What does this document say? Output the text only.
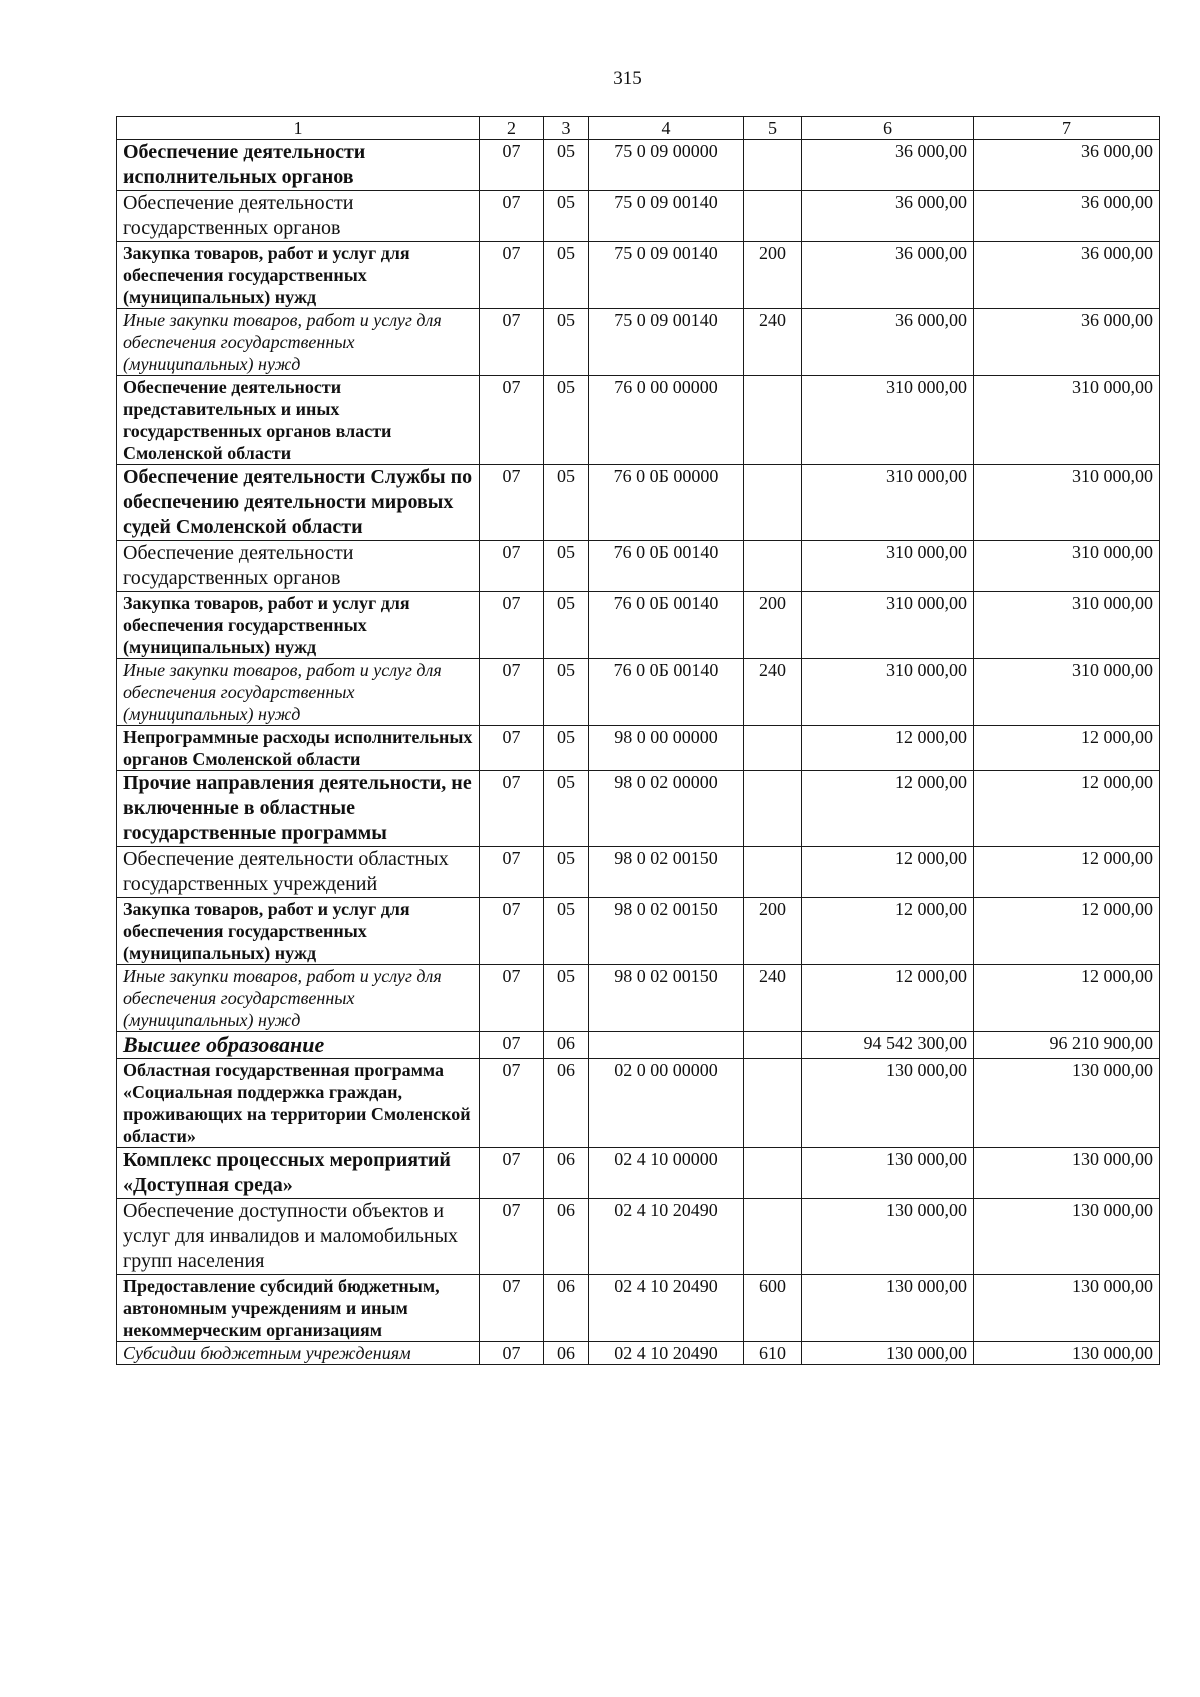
315
1	2	3	4	5	6	7
Обеспечение деятельности исполнительных органов	07	05	75 0 09 00000		36 000,00	36 000,00
Обеспечение деятельности государственных органов	07	05	75 0 09 00140		36 000,00	36 000,00
Закупка товаров, работ и услуг для обеспечения государственных (муниципальных) нужд	07	05	75 0 09 00140	200	36 000,00	36 000,00
Иные закупки товаров, работ и услуг для обеспечения государственных (муниципальных) нужд	07	05	75 0 09 00140	240	36 000,00	36 000,00
Обеспечение деятельности представительных и иных государственных органов власти Смоленской области	07	05	76 0 00 00000		310 000,00	310 000,00
Обеспечение деятельности Службы по обеспечению деятельности мировых судей Смоленской области	07	05	76 0 0Б 00000		310 000,00	310 000,00
Обеспечение деятельности государственных органов	07	05	76 0 0Б 00140		310 000,00	310 000,00
Закупка товаров, работ и услуг для обеспечения государственных (муниципальных) нужд	07	05	76 0 0Б 00140	200	310 000,00	310 000,00
Иные закупки товаров, работ и услуг для обеспечения государственных (муниципальных) нужд	07	05	76 0 0Б 00140	240	310 000,00	310 000,00
Непрограммные расходы исполнительных органов Смоленской области	07	05	98 0 00 00000		12 000,00	12 000,00
Прочие направления деятельности, не включенные в областные государственные программы	07	05	98 0 02 00000		12 000,00	12 000,00
Обеспечение деятельности областных государственных учреждений	07	05	98 0 02 00150		12 000,00	12 000,00
Закупка товаров, работ и услуг для обеспечения государственных (муниципальных) нужд	07	05	98 0 02 00150	200	12 000,00	12 000,00
Иные закупки товаров, работ и услуг для обеспечения государственных (муниципальных) нужд	07	05	98 0 02 00150	240	12 000,00	12 000,00
Высшее образование	07	06			94 542 300,00	96 210 900,00
Областная государственная программа «Социальная поддержка граждан, проживающих на территории Смоленской области»	07	06	02 0 00 00000		130 000,00	130 000,00
Комплекс процессных мероприятий «Доступная среда»	07	06	02 4 10 00000		130 000,00	130 000,00
Обеспечение доступности объектов и услуг для инвалидов и маломобильных групп населения	07	06	02 4 10 20490		130 000,00	130 000,00
Предоставление субсидий бюджетным, автономным учреждениям и иным некоммерческим организациям	07	06	02 4 10 20490	600	130 000,00	130 000,00
Субсидии бюджетным учреждениям	07	06	02 4 10 20490	610	130 000,00	130 000,00
